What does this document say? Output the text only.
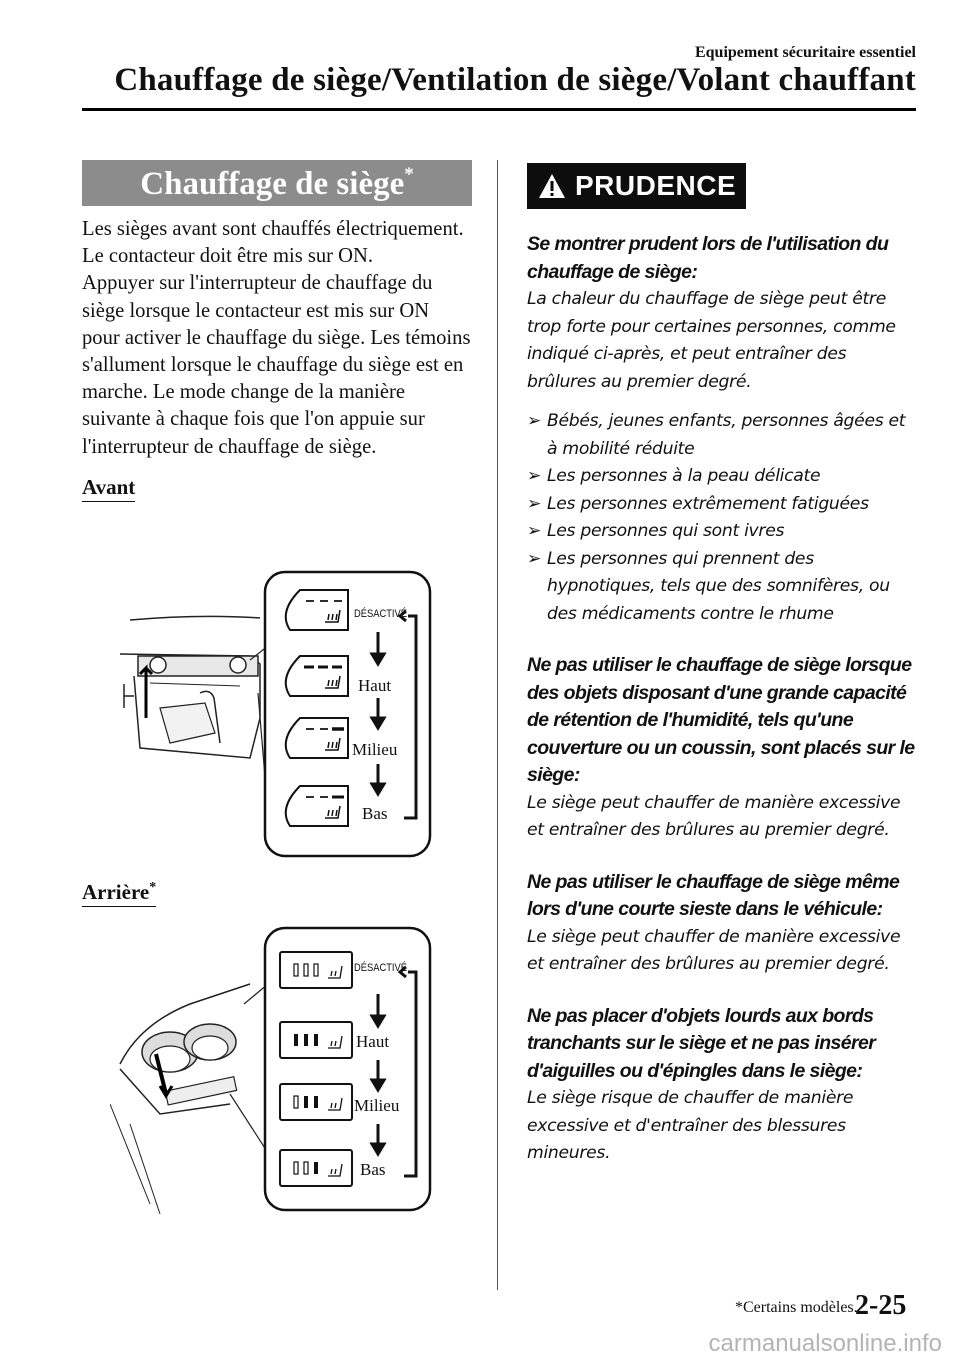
Equipement sécuritaire essentiel
Chauffage de siège/Ventilation de siège/Volant chauffant
Chauffage de siège*
Les sièges avant sont chauffés électriquement. Le contacteur doit être mis sur ON.
Appuyer sur l'interrupteur de chauffage du siège lorsque le contacteur est mis sur ON pour activer le chauffage du siège. Les témoins s'allument lorsque le chauffage du siège est en marche. Le mode change de la manière suivante à chaque fois que l'on appuie sur l'interrupteur de chauffage de siège.
Avant
DÉSACTIVÉ
Haut
Milieu
Bas
Arrière*
DÉSACTIVÉ
Haut
Milieu
Bas
PRUDENCE
Se montrer prudent lors de l'utilisation du chauffage de siège:
La chaleur du chauffage de siège peut être trop forte pour certaines personnes, comme indiqué ci-après, et peut entraîner des brûlures au premier degré.
➢ Bébés, jeunes enfants, personnes âgées et à mobilité réduite
➢ Les personnes à la peau délicate
➢ Les personnes extrêmement fatiguées
➢ Les personnes qui sont ivres
➢ Les personnes qui prennent des hypnotiques, tels que des somnifères, ou des médicaments contre le rhume
Ne pas utiliser le chauffage de siège lorsque des objets disposant d'une grande capacité de rétention de l'humidité, tels qu'une couverture ou un coussin, sont placés sur le siège:
Le siège peut chauffer de manière excessive et entraîner des brûlures au premier degré.
Ne pas utiliser le chauffage de siège même lors d'une courte sieste dans le véhicule:
Le siège peut chauffer de manière excessive et entraîner des brûlures au premier degré.
Ne pas placer d'objets lourds aux bords tranchants sur le siège et ne pas insérer d'aiguilles ou d'épingles dans le siège:
Le siège risque de chauffer de manière excessive et d'entraîner des blessures mineures.
*Certains modèles.
2-25
carmanualsonline.info
